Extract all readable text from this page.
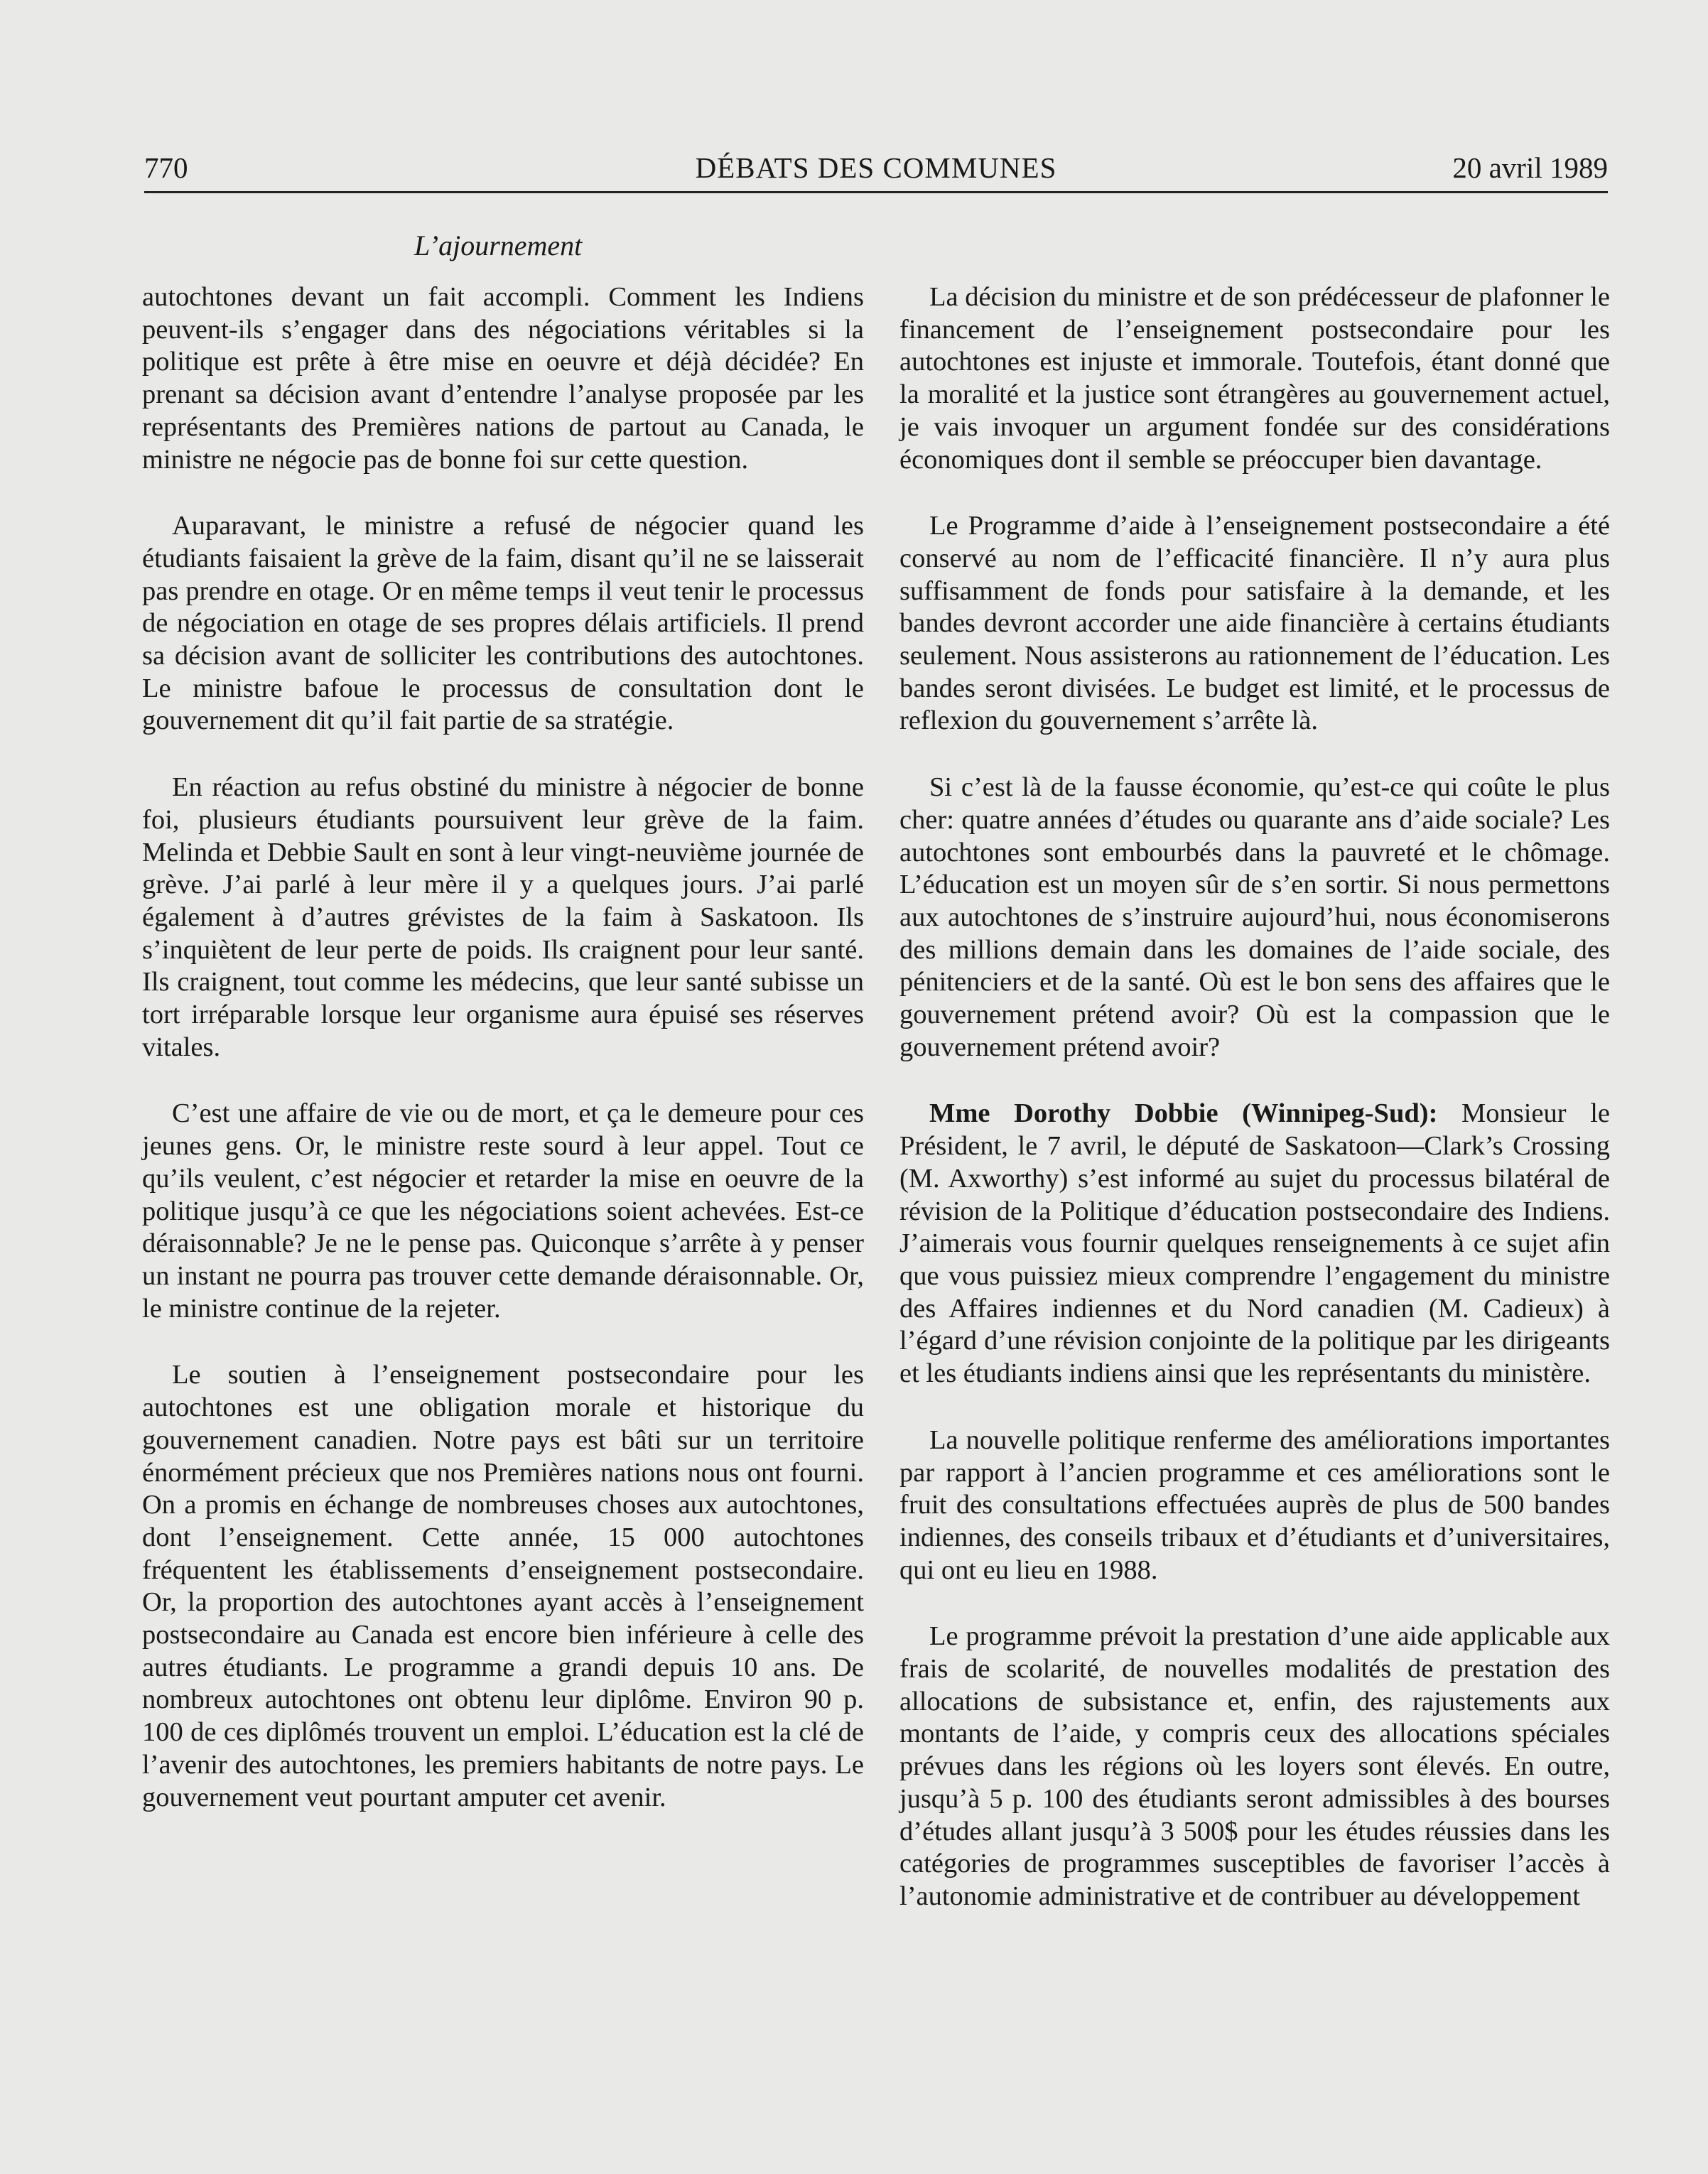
770	DÉBATS DES COMMUNES	20 avril 1989
L’ajournement

autochtones devant un fait accompli. Comment les Indiens peuvent-ils s’engager dans des négociations véritables si la politique est prête à être mise en oeuvre et déjà décidée? En prenant sa décision avant d’entendre l’analyse proposée par les représentants des Premières nations de partout au Canada, le ministre ne négocie pas de bonne foi sur cette question.

Auparavant, le ministre a refusé de négocier quand les étudiants faisaient la grève de la faim, disant qu’il ne se laisserait pas prendre en otage. Or en même temps il veut tenir le processus de négociation en otage de ses propres délais artificiels. Il prend sa décision avant de solliciter les contributions des autochtones. Le ministre bafoue le processus de consultation dont le gouvernement dit qu’il fait partie de sa stratégie.

En réaction au refus obstiné du ministre à négocier de bonne foi, plusieurs étudiants poursuivent leur grève de la faim. Melinda et Debbie Sault en sont à leur vingt-neuvième journée de grève. J’ai parlé à leur mère il y a quelques jours. J’ai parlé également à d’autres grévistes de la faim à Saskatoon. Ils s’inquiètent de leur perte de poids. Ils craignent pour leur santé. Ils craignent, tout comme les médecins, que leur santé subisse un tort irréparable lorsque leur organisme aura épuisé ses réserves vitales.

C’est une affaire de vie ou de mort, et ça le demeure pour ces jeunes gens. Or, le ministre reste sourd à leur appel. Tout ce qu’ils veulent, c’est négocier et retarder la mise en oeuvre de la politique jusqu’à ce que les négociations soient achevées. Est-ce déraisonnable? Je ne le pense pas. Quiconque s’arrête à y penser un instant ne pourra pas trouver cette demande déraisonnable. Or, le ministre continue de la rejeter.

Le soutien à l’enseignement postsecondaire pour les autochtones est une obligation morale et historique du gouvernement canadien. Notre pays est bâti sur un territoire énormément précieux que nos Premières nations nous ont fourni. On a promis en échange de nombreuses choses aux autochtones, dont l’enseignement. Cette année, 15 000 autochtones fréquentent les établissements d’enseignement postsecondaire. Or, la proportion des autochtones ayant accès à l’enseignement postsecondaire au Canada est encore bien inférieure à celle des autres étudiants. Le programme a grandi depuis 10 ans. De nombreux autochtones ont obtenu leur diplôme. Environ 90 p. 100 de ces diplômés trouvent un emploi. L’éducation est la clé de l’avenir des autochtones, les premiers habitants de notre pays. Le gouvernement veut pourtant amputer cet avenir.

La décision du ministre et de son prédécesseur de plafonner le financement de l’enseignement postsecondaire pour les autochtones est injuste et immorale. Toutefois, étant donné que la moralité et la justice sont étrangères au gouvernement actuel, je vais invoquer un argument fondée sur des considérations économiques dont il semble se préoccuper bien davantage.

Le Programme d’aide à l’enseignement postsecondaire a été conservé au nom de l’efficacité financière. Il n’y aura plus suffisamment de fonds pour satisfaire à la demande, et les bandes devront accorder une aide financière à certains étudiants seulement. Nous assisterons au rationnement de l’éducation. Les bandes seront divisées. Le budget est limité, et le processus de reflexion du gouvernement s’arrête là.

Si c’est là de la fausse économie, qu’est-ce qui coûte le plus cher: quatre années d’études ou quarante ans d’aide sociale? Les autochtones sont embourbés dans la pauvreté et le chômage. L’éducation est un moyen sûr de s’en sortir. Si nous permettons aux autochtones de s’instruire aujourd’hui, nous économiserons des millions demain dans les domaines de l’aide sociale, des pénitenciers et de la santé. Où est le bon sens des affaires que le gouvernement prétend avoir? Où est la compassion que le gouvernement prétend avoir?

Mme Dorothy Dobbie (Winnipeg-Sud): Monsieur le Président, le 7 avril, le député de Saskatoon—Clark’s Crossing (M. Axworthy) s’est informé au sujet du processus bilatéral de révision de la Politique d’éducation postsecondaire des Indiens. J’aimerais vous fournir quelques renseignements à ce sujet afin que vous puissiez mieux comprendre l’engagement du ministre des Affaires indiennes et du Nord canadien (M. Cadieux) à l’égard d’une révision conjointe de la politique par les dirigeants et les étudiants indiens ainsi que les représentants du ministère.

La nouvelle politique renferme des améliorations importantes par rapport à l’ancien programme et ces améliorations sont le fruit des consultations effectuées auprès de plus de 500 bandes indiennes, des conseils tribaux et d’étudiants et d’universitaires, qui ont eu lieu en 1988.

Le programme prévoit la prestation d’une aide applicable aux frais de scolarité, de nouvelles modalités de prestation des allocations de subsistance et, enfin, des rajustements aux montants de l’aide, y compris ceux des allocations spéciales prévues dans les régions où les loyers sont élevés. En outre, jusqu’à 5 p. 100 des étudiants seront admissibles à des bourses d’études allant jusqu’à 3 500$ pour les études réussies dans les catégories de programmes susceptibles de favoriser l’accès à l’autonomie administrative et de contribuer au développement
